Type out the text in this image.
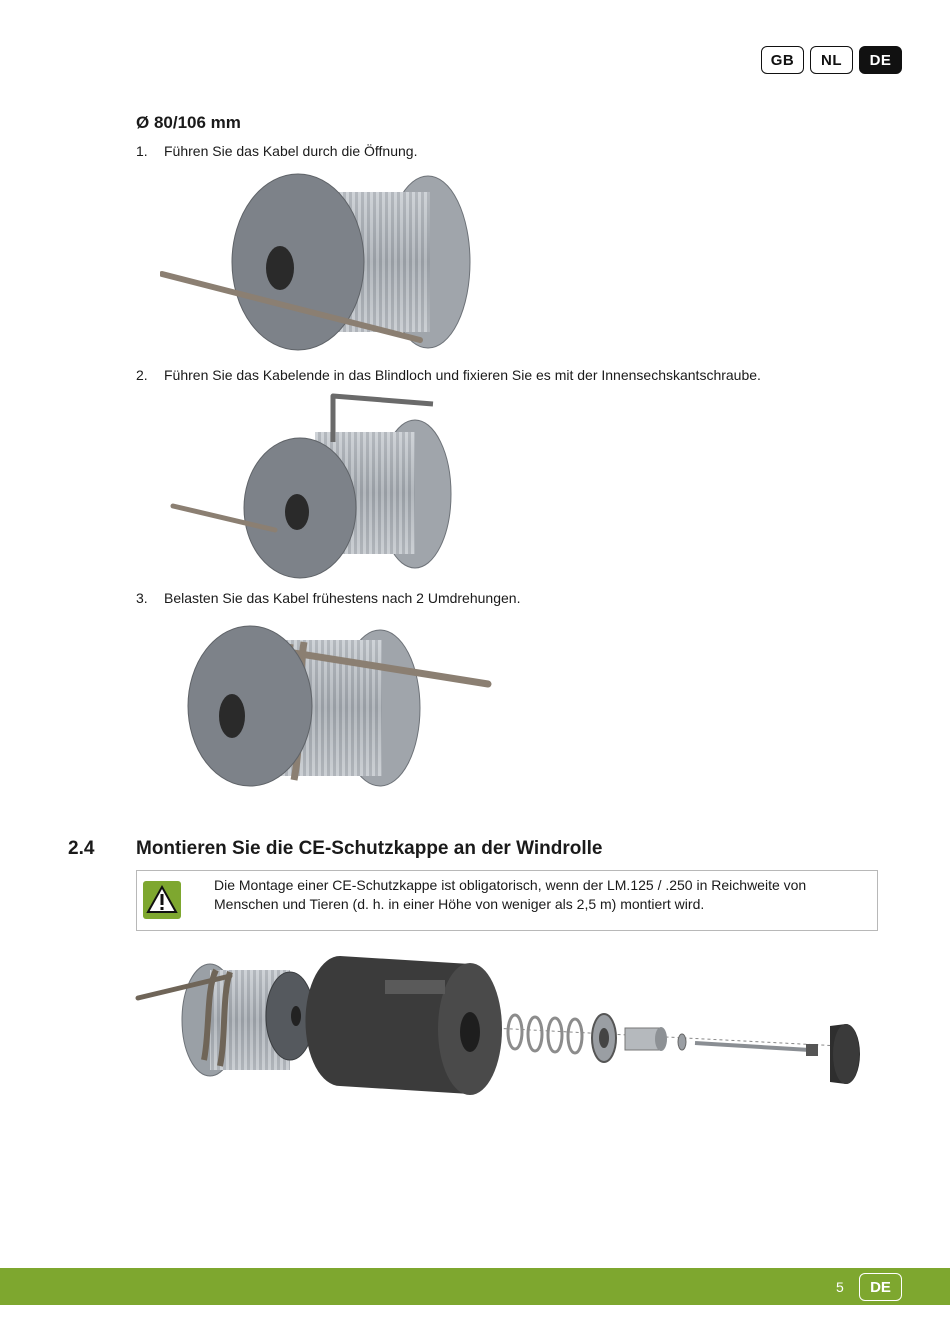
GB	NL	DE
Ø 80/106 mm
1.	Führen Sie das Kabel durch die Öffnung.
2.	Führen Sie das Kabelende in das Blindloch und fixieren Sie es mit der Innensechskantschraube.
3.	Belasten Sie das Kabel frühestens nach 2 Umdrehungen.
2.4	Montieren Sie die CE-Schutzkappe an der Windrolle
Die Montage einer CE-Schutzkappe ist obligatorisch, wenn der LM.125 / .250 in Reichweite von Menschen und Tieren (d. h. in einer Höhe von weniger als 2,5 m) montiert wird.
5	DE
